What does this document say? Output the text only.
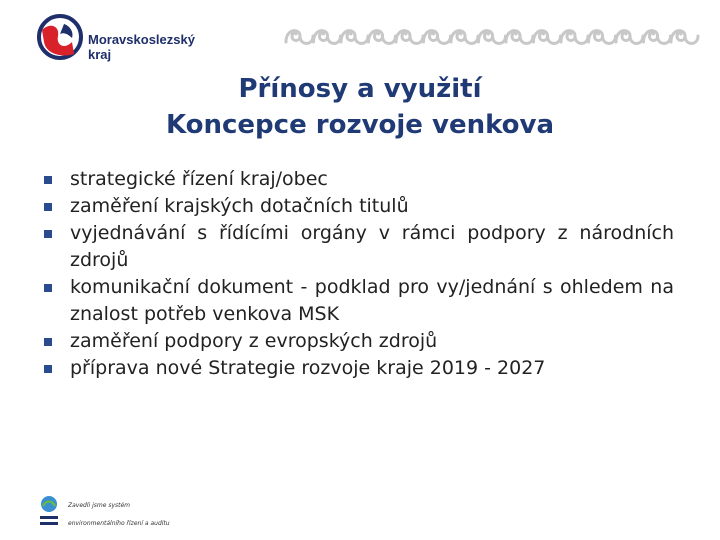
Moravskoslezský
kraj
Přínosy a využití
Koncepce rozvoje venkova
strategické řízení kraj/obec
zaměření krajských dotačních titulů
vyjednávání s řídícími orgány v rámci podpory z národních zdrojů
komunikační dokument - podklad pro vy/jednání s ohledem na znalost potřeb venkova MSK
zaměření podpory z evropských zdrojů
příprava nové Strategie rozvoje kraje 2019 - 2027
Zavedli jsme systém
environmentálního řízení a auditu
